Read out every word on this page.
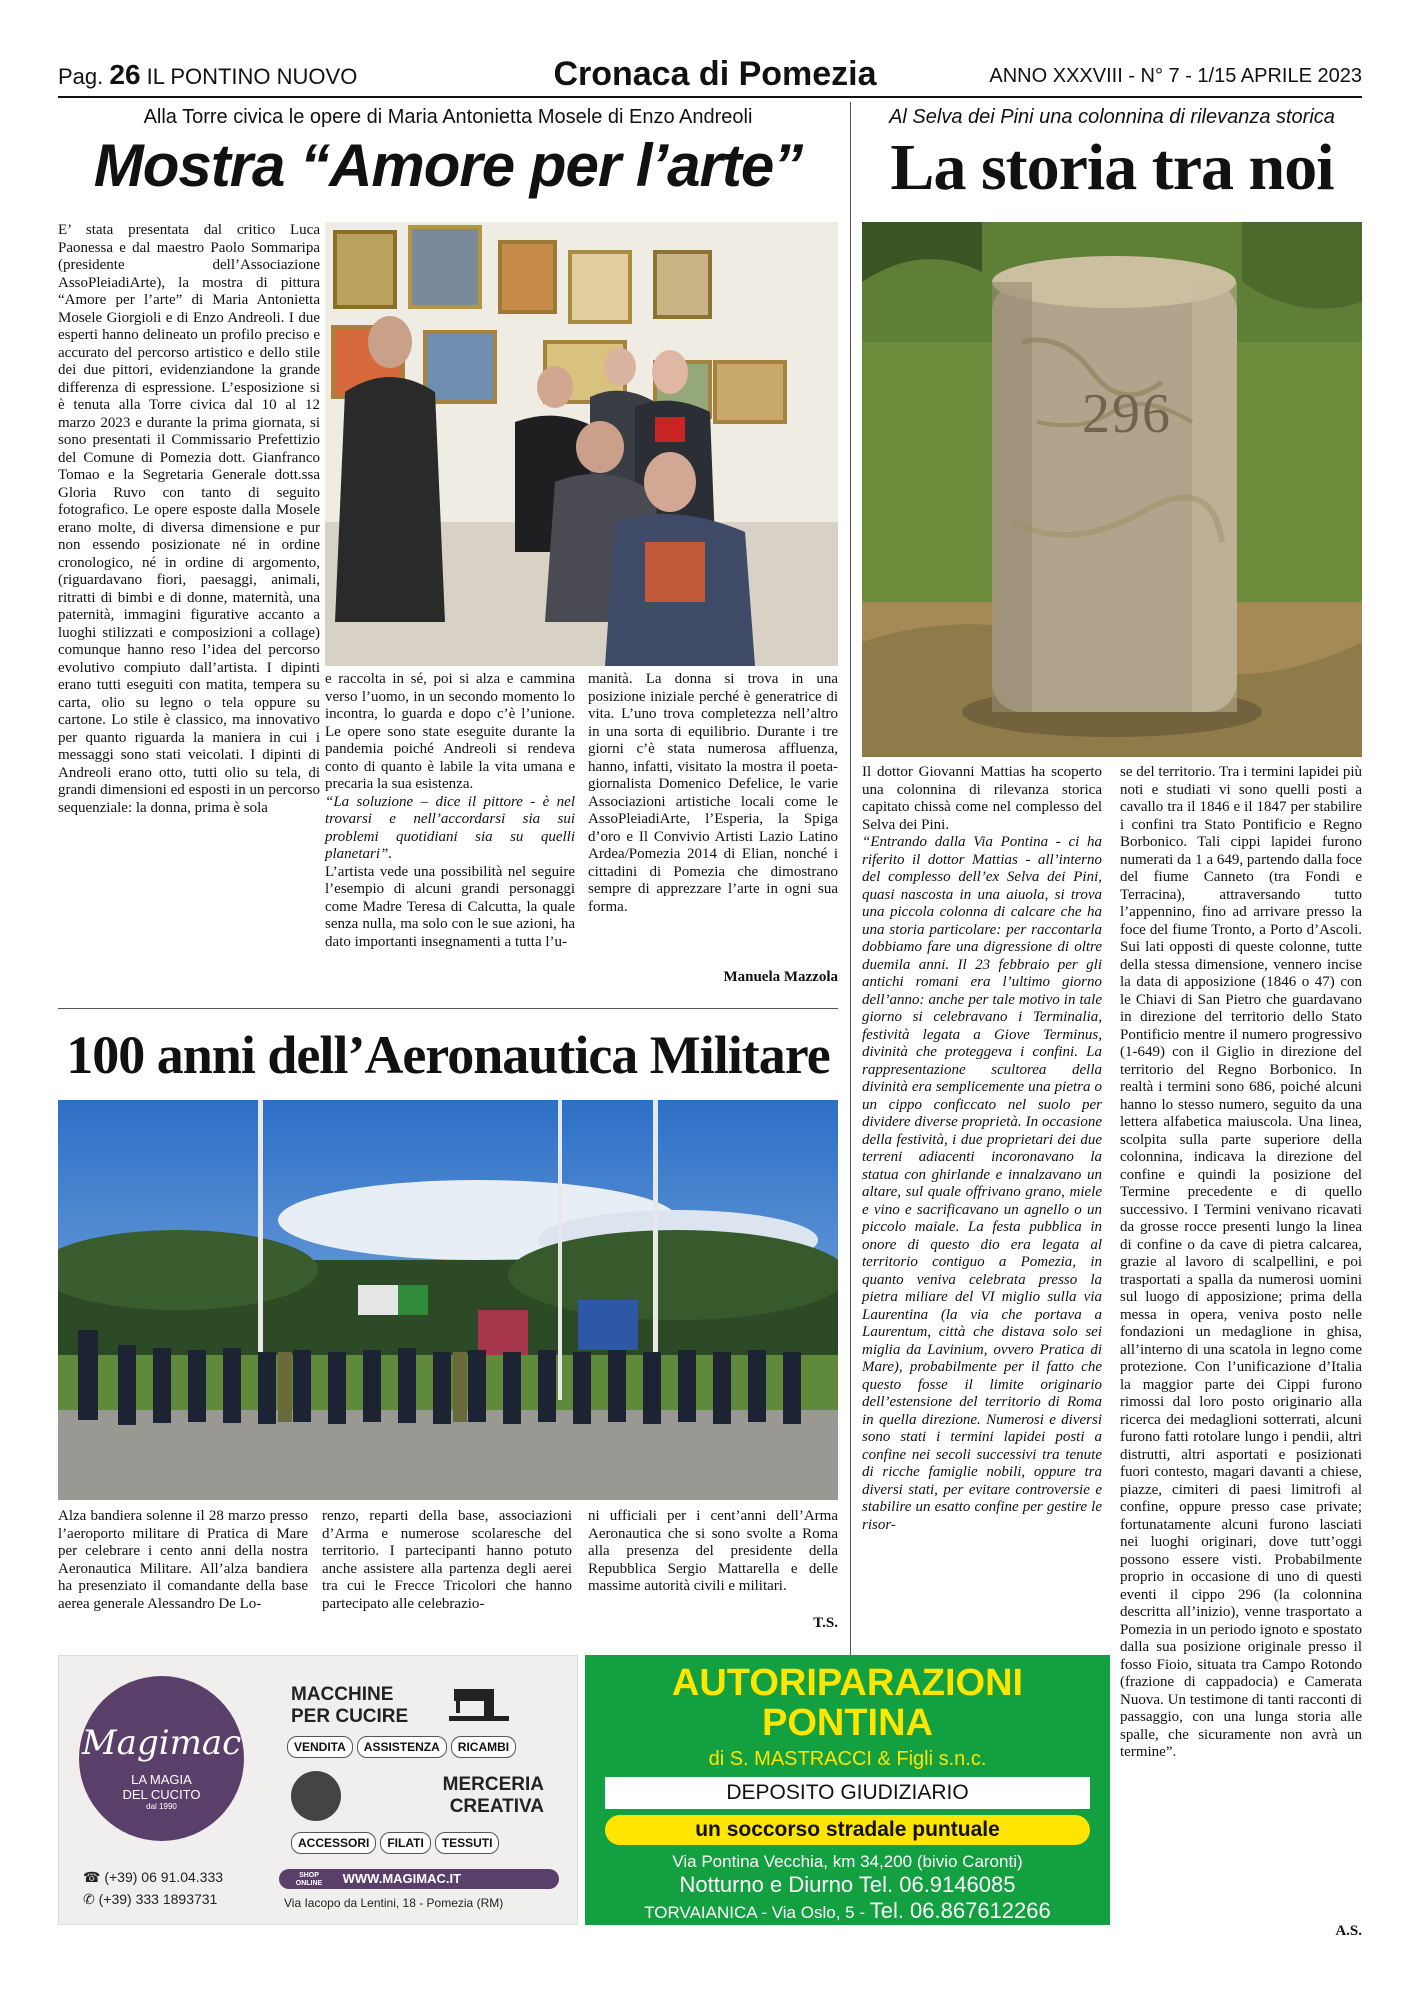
Pag. 26 IL PONTINO NUOVO	Cronaca di Pomezia	ANNO XXXVIII - N° 7 - 1/15 APRILE 2023
Alla Torre civica le opere di Maria Antonietta Mosele di Enzo Andreoli
Mostra “Amore per l’arte”

E’ stata presentata dal critico Luca Paonessa e dal maestro Paolo Sommaripa (presidente dell’Associazione AssoPleiadiArte), la mostra di pittura “Amore per l’arte” di Maria Antonietta Mosele Giorgioli e di Enzo Andreoli. I due esperti hanno delineato un profilo preciso e accurato del percorso artistico e dello stile dei due pittori, evidenziandone la grande differenza di espressione. L’esposizione si è tenuta alla Torre civica dal 10 al 12 marzo 2023 e durante la prima giornata, si sono presentati il Commissario Prefettizio del Comune di Pomezia dott. Gianfranco Tomao e la Segretaria Generale dott.ssa Gloria Ruvo con tanto di seguito fotografico. Le opere esposte dalla Mosele erano molte, di diversa dimensione e pur non essendo posizionate né in ordine cronologico, né in ordine di argomento, (riguardavano fiori, paesaggi, animali, ritratti di bimbi e di donne, maternità, una paternità, immagini figurative accanto a luoghi stilizzati e composizioni a collage) comunque hanno reso l’idea del percorso evolutivo compiuto dall’artista. I dipinti erano tutti eseguiti con matita, tempera su carta, olio su legno o tela oppure su cartone. Lo stile è classico, ma innovativo per quanto riguarda la maniera in cui i messaggi sono stati veicolati. I dipinti di Andreoli erano otto, tutti olio su tela, di grandi dimensioni ed esposti in un percorso sequenziale: la donna, prima è sola

e raccolta in sé, poi si alza e cammina verso l’uomo, in un secondo momento lo incontra, lo guarda e dopo c’è l’unione. Le opere sono state eseguite durante la pandemia poiché Andreoli si rendeva conto di quanto è labile la vita umana e precaria la sua esistenza.

“La soluzione – dice il pittore - è nel trovarsi e nell’accordarsi sia sui problemi quotidiani sia su quelli planetari”.

L’artista vede una possibilità nel seguire l’esempio di alcuni grandi personaggi come Madre Teresa di Calcutta, la quale senza nulla, ma solo con le sue azioni, ha dato importanti insegnamenti a tutta l’u-

manità. La donna si trova in una posizione iniziale perché è generatrice di vita. L’uno trova completezza nell’altro in una sorta di equilibrio. Durante i tre giorni c’è stata numerosa affluenza, hanno, infatti, visitato la mostra il poeta-giornalista Domenico Defelice, le varie Associazioni artistiche locali come le AssoPleiadiArte, l’Esperia, la Spiga d’oro e Il Convivio Artisti Lazio Latino Ardea/Pomezia 2014 di Elian, nonché i cittadini di Pomezia che dimostrano sempre di apprezzare l’arte in ogni sua forma.

Manuela Mazzola
100 anni dell’Aeronautica Militare

Alza bandiera solenne il 28 marzo presso l’aeroporto militare di Pratica di Mare per celebrare i cento anni della nostra Aeronautica Militare. All’alza bandiera ha presenziato il comandante della base aerea generale Alessandro De Lo-

renzo, reparti della base, associazioni d’Arma e numerose scolaresche del territorio. I partecipanti hanno potuto anche assistere alla partenza degli aerei tra cui le Frecce Tricolori che hanno partecipato alle celebrazio-

ni ufficiali per i cent’anni dell’Arma Aeronautica che si sono svolte a Roma alla presenza del presidente della Repubblica Sergio Mattarella e delle massime autorità civili e militari.

T.S.
Al Selva dei Pini una colonnina di rilevanza storica
La storia tra noi
296

Il dottor Giovanni Mattias ha scoperto una colonnina di rilevanza storica capitato chissà come nel complesso del Selva dei Pini.

“Entrando dalla Via Pontina - ci ha riferito il dottor Mattias - all’interno del complesso dell’ex Selva dei Pini, quasi nascosta in una aiuola, si trova una piccola colonna di calcare che ha una storia particolare: per raccontarla dobbiamo fare una digressione di oltre duemila anni. Il 23 febbraio per gli antichi romani era l’ultimo giorno dell’anno: anche per tale motivo in tale giorno si celebravano i Terminalia, festività legata a Giove Terminus, divinità che proteggeva i confini. La rappresentazione scultorea della divinità era semplicemente una pietra o un cippo conficcato nel suolo per dividere diverse proprietà. In occasione della festività, i due proprietari dei due terreni adiacenti incoronavano la statua con ghirlande e innalzavano un altare, sul quale offrivano grano, miele e vino e sacrificavano un agnello o un piccolo maiale. La festa pubblica in onore di questo dio era legata al territorio contiguo a Pomezia, in quanto veniva celebrata presso la pietra miliare del VI miglio sulla via Laurentina (la via che portava a Laurentum, città che distava solo sei miglia da Lavinium, ovvero Pratica di Mare), probabilmente per il fatto che questo fosse il limite originario dell’estensione del territorio di Roma in quella direzione. Numerosi e diversi sono stati i termini lapidei posti a confine nei secoli successivi tra tenute di ricche famiglie nobili, oppure tra diversi stati, per evitare controversie e stabilire un esatto confine per gestire le risor-

se del territorio. Tra i termini lapidei più noti e studiati vi sono quelli posti a cavallo tra il 1846 e il 1847 per stabilire i confini tra Stato Pontificio e Regno Borbonico. Tali cippi lapidei furono numerati da 1 a 649, partendo dalla foce del fiume Canneto (tra Fondi e Terracina), attraversando tutto l’appennino, fino ad arrivare presso la foce del fiume Tronto, a Porto d’Ascoli. Sui lati opposti di queste colonne, tutte della stessa dimensione, vennero incise la data di apposizione (1846 o 47) con le Chiavi di San Pietro che guardavano in direzione del territorio dello Stato Pontificio mentre il numero progressivo (1-649) con il Giglio in direzione del territorio del Regno Borbonico. In realtà i termini sono 686, poiché alcuni hanno lo stesso numero, seguito da una lettera alfabetica maiuscola. Una linea, scolpita sulla parte superiore della colonnina, indicava la direzione del confine e quindi la posizione del Termine precedente e di quello successivo. I Termini venivano ricavati da grosse rocce presenti lungo la linea di confine o da cave di pietra calcarea, grazie al lavoro di scalpellini, e poi trasportati a spalla da numerosi uomini sul luogo di apposizione; prima della messa in opera, veniva posto nelle fondazioni un medaglione in ghisa, all’interno di una scatola in legno come protezione. Con l’unificazione d’Italia la maggior parte dei Cippi furono rimossi dal loro posto originario alla ricerca dei medaglioni sotterrati, alcuni furono fatti rotolare lungo i pendii, altri distrutti, altri asportati e posizionati fuori contesto, magari davanti a chiese, piazze, cimiteri di paesi limitrofi al confine, oppure presso case private; fortunatamente alcuni furono lasciati nei luoghi originari, dove tutt’oggi possono essere visti. Probabilmente proprio in occasione di uno di questi eventi il cippo 296 (la colonnina descritta all’inizio), venne trasportato a Pomezia in un periodo ignoto e spostato dalla sua posizione originale presso il fosso Fioio, situata tra Campo Rotondo (frazione di cappadocia) e Camerata Nuova. Un testimone di tanti racconti di passaggio, con una lunga storia alle spalle, che sicuramente non avrà un termine”.

A.S.
Magimac
LA MAGIA
DEL CUCITO
dal 1990
MACCHINE
PER CUCIRE
VENDITA	ASSISTENZA	RICAMBI
MERCERIA
CREATIVA
ACCESSORI	FILATI	TESSUTI
☎ (+39) 06 91.04.333
✆ (+39) 333 1893731
SHOP
ONLINE WWW.MAGIMAC.IT
Via Iacopo da Lentini, 18 - Pomezia (RM)
AUTORIPARAZIONI
PONTINA
di S. MASTRACCI & Figli s.n.c.
DEPOSITO GIUDIZIARIO
un soccorso stradale puntuale
Via Pontina Vecchia, km 34,200 (bivio Caronti)
Notturno e Diurno Tel. 06.9146085
TORVAIANICA - Via Oslo, 5 - Tel. 06.867612266
